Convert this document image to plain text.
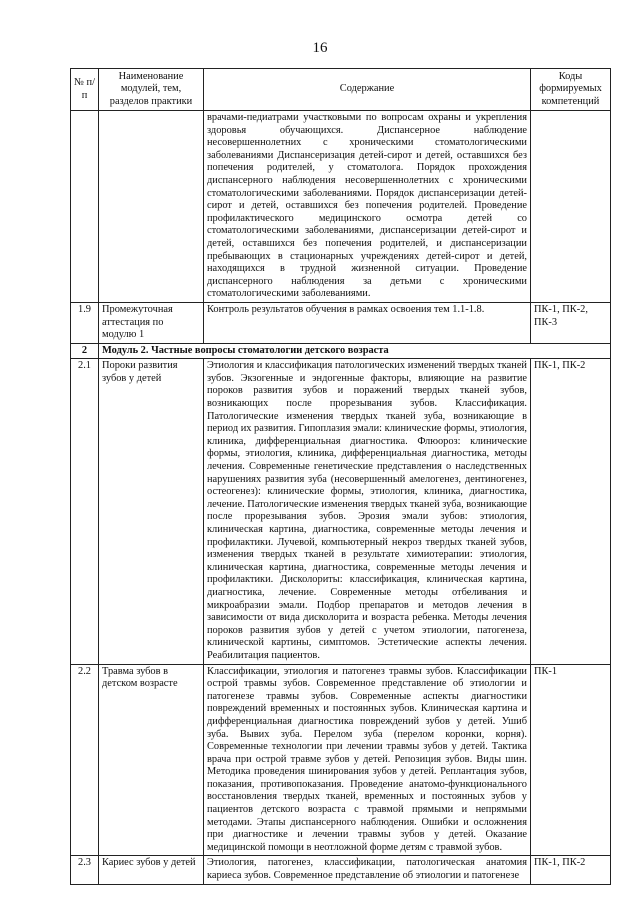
16
№ п/п	Наименование модулей, тем, разделов практики	Содержание	Коды формируемых компетенций
		врачами-педиатрами участковыми по вопросам охраны и укрепления здоровья обучающихся. Диспансерное наблюдение несовершеннолетних с хроническими стоматологическими заболеваниями Диспансеризация детей-сирот и детей, оставшихся без попечения родителей, у стоматолога. Порядок прохождения диспансерного наблюдения несовершеннолетних с хроническими стоматологическими заболеваниями. Порядок диспансеризации детей-сирот и детей, оставшихся без попечения родителей. Проведение профилактического медицинского осмотра детей со стоматологическими заболеваниями, диспансеризации детей-сирот и детей, оставшихся без попечения родителей, и диспансеризации пребывающих в стационарных учреждениях детей-сирот и детей, находящихся в трудной жизненной ситуации. Проведение диспансерного наблюдения за детьми с хроническими стоматологическими заболеваниями.	
1.9	Промежуточная аттестация по модулю 1	Контроль результатов обучения в рамках освоения тем 1.1-1.8.	ПК-1, ПК-2, ПК-3
2	Модуль 2. Частные вопросы стоматологии детского возраста		
2.1	Пороки развития зубов у детей	Этиология и классификация патологических изменений твердых тканей зубов. Экзогенные и эндогенные факторы, влияющие на развитие пороков развития зубов и поражений твердых тканей зубов, возникающих после прорезывания зубов. Классификация. Патологические изменения твердых тканей зуба, возникающие в период их развития. Гипоплазия эмали: клинические формы, этиология, клиника, дифференциальная диагностика. Флюороз: клинические формы, этиология, клиника, дифференциальная диагностика, методы лечения. Современные генетические представления о наследственных нарушениях развития зуба (несовершенный амелогенез, дентиногенез, остеогенез): клинические формы, этиология, клиника, диагностика, лечение. Патологические изменения твердых тканей зуба, возникающие после прорезывания зубов. Эрозия эмали зубов: этиология, клиническая картина, диагностика, современные методы лечения и профилактики. Лучевой, компьютерный некроз твердых тканей зубов, изменения твердых тканей в результате химиотерапии: этиология, клиническая картина, диагностика, современные методы лечения и профилактики. Дисколориты: классификация, клиническая картина, диагностика, лечение. Современные методы отбеливания и микроабразии эмали. Подбор препаратов и методов лечения в зависимости от вида дисколорита и возраста ребенка. Методы лечения пороков развития зубов у детей с учетом этиологии, патогенеза, клинической картины, симптомов. Эстетические аспекты лечения. Реабилитация пациентов.	ПК-1, ПК-2
2.2	Травма зубов в детском возрасте	Классификации, этиология и патогенез травмы зубов. Классификации острой травмы зубов. Современное представление об этиологии и патогенезе травмы зубов. Современные аспекты диагностики повреждений временных и постоянных зубов. Клиническая картина и дифференциальная диагностика повреждений зубов у детей. Ушиб зуба. Вывих зуба. Перелом зуба (перелом коронки, корня). Современные технологии при лечении травмы зубов у детей. Тактика врача при острой травме зубов у детей. Репозиция зубов. Виды шин. Методика проведения шинирования зубов у детей. Реплантация зубов, показания, противопоказания. Проведение анатомо-функционального восстановления твердых тканей, временных и постоянных зубов у пациентов детского возраста с травмой прямыми и непрямыми методами. Этапы диспансерного наблюдения. Ошибки и осложнения при диагностике и лечении травмы зубов у детей. Оказание медицинской помощи в неотложной форме детям с травмой зубов.	ПК-1
2.3	Кариес зубов у детей	Этиология, патогенез, классификации, патологическая анатомия кариеса зубов. Современное представление об этиологии и патогенезе	ПК-1, ПК-2
